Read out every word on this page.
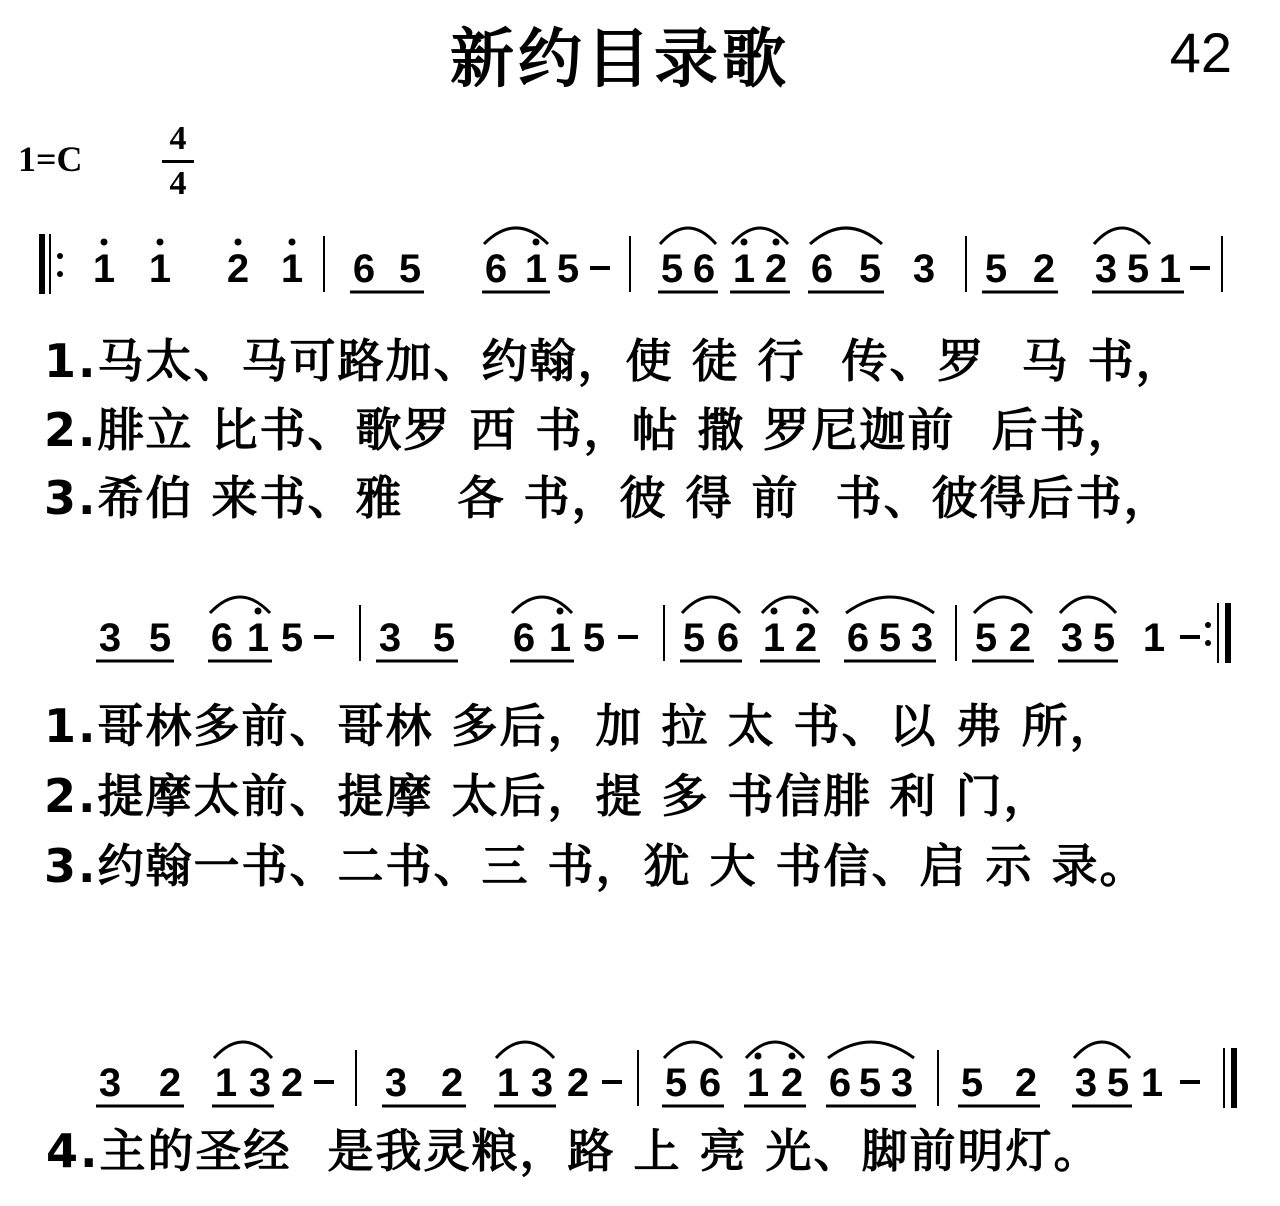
新约目录歌	42
1=C
4
4
1 1 2 1 6 5 6 1 5 5 6 1 2 6 5 3 5 2 3 5 1
1.马太、马可路加、约翰，使 徒 行  传、罗  马 书，
2.腓立 比书、歌罗 西 书，帖 撒 罗尼迦前  后书，
3.希伯 来书、雅   各 书，彼 得 前  书、彼得后书，
3 5 6 1 5 3 5 6 1 5 5 6 1 2 6 5 3 5 2 3 5 1
1.哥林多前、哥林 多后，加 拉 太 书、以 弗 所，
2.提摩太前、提摩 太后，提 多 书信腓 利 门，
3.约翰一书、二书、三 书，犹 大 书信、启 示 录。
3 2 1 3 2 3 2 1 3 2 5 6 1 2 6 5 3 5 2 3 5 1
4.主的圣经  是我灵粮，路 上 亮 光、脚前明灯。
